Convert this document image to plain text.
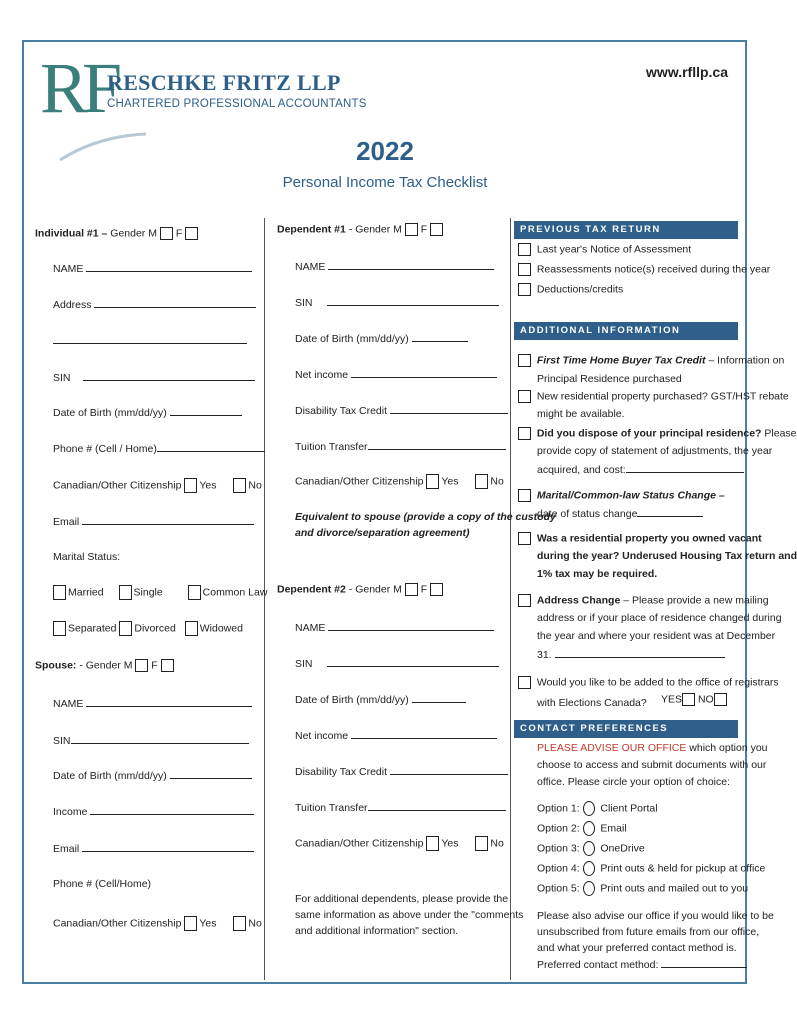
RF
RESCHKE FRITZ LLP
CHARTERED PROFESSIONAL ACCOUNTANTS
www.rfllp.ca
2022
Personal Income Tax Checklist
Individual #1 – Gender M F
NAME
Address
SIN
Date of Birth (mm/dd/yy)
Phone # (Cell / Home)
Canadian/Other Citizenship Yes	No
Email
Marital Status:
Married	Single	Common Law
Separated Divorced Widowed
Spouse: - Gender M F
NAME
SIN
Date of Birth (mm/dd/yy)
Income
Email
Phone # (Cell/Home)
Canadian/Other Citizenship Yes	No
Dependent #1 - Gender M F
NAME
SIN
Date of Birth (mm/dd/yy)
Net income
Disability Tax Credit
Tuition Transfer
Canadian/Other Citizenship Yes	No
Equivalent to spouse (provide a copy of the custody
and divorce/separation agreement)
Dependent #2 - Gender M F
NAME
SIN
Date of Birth (mm/dd/yy)
Net income
Disability Tax Credit
Tuition Transfer
Canadian/Other Citizenship Yes	No
For additional dependents, please provide the
same information as above under the "comments
and additional information" section.
PREVIOUS TAX RETURN
Last year's Notice of Assessment
Reassessments notice(s) received during the year
Deductions/credits
ADDITIONAL INFORMATION
First Time Home Buyer Tax Credit – Information on
Principal Residence purchased
New residential property purchased? GST/HST rebate
might be available.
Did you dispose of your principal residence? Please
provide copy of statement of adjustments, the year
acquired, and cost:
Marital/Common-law Status Change –
date of status change
Was a residential property you owned vacant
during the year? Underused Housing Tax return and
1% tax may be required.
Address Change – Please provide a new mailing
address or if your place of residence changed during
the year and where your resident was at December
31.
Would you like to be added to the office of registrars
with Elections Canada? YES NO
CONTACT PREFERENCES
PLEASE ADVISE OUR OFFICE which option you
choose to access and submit documents with our
office. Please circle your option of choice:
Option 1: Client Portal
Option 2: Email
Option 3: OneDrive
Option 4: Print outs & held for pickup at office
Option 5: Print outs and mailed out to you
Please also advise our office if you would like to be
unsubscribed from future emails from our office,
and what your preferred contact method is.
Preferred contact method:
